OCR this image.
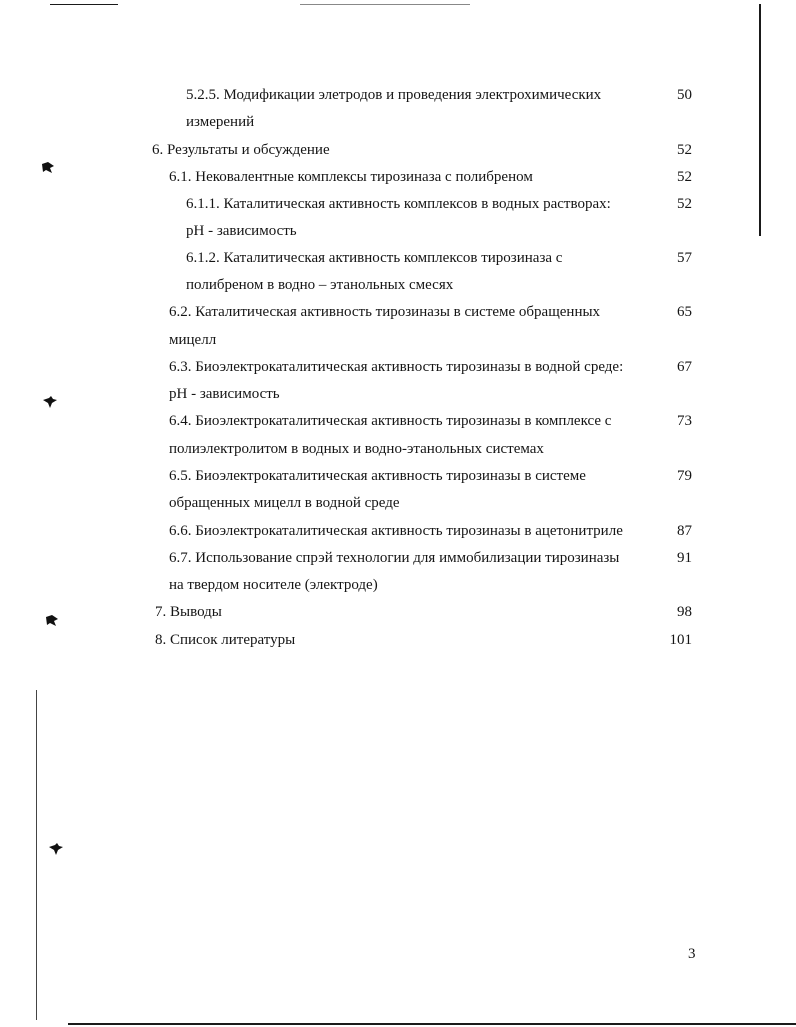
5.2.5. Модификации элетродов и проведения электрохимических
измерений
50
6. Результаты и обсуждение	52
6.1. Нековалентные комплексы тирозиназа с полибреном	52
6.1.1. Каталитическая активность комплексов в водных растворах:
pH - зависимость
52
6.1.2. Каталитическая активность комплексов тирозиназа с
полибреном в водно – этанольных смесях
57
6.2. Каталитическая активность тирозиназы в системе обращенных
мицелл
65
6.3. Биоэлектрокаталитическая активность тирозиназы в водной среде:
pH - зависимость
67
6.4. Биоэлектрокаталитическая активность тирозиназы в комплексе с
полиэлектролитом в водных и водно-этанольных системах
73
6.5. Биоэлектрокаталитическая активность тирозиназы в системе
обращенных мицелл в водной среде
79
6.6. Биоэлектрокаталитическая активность тирозиназы в ацетонитриле	87
6.7. Использование спрэй технологии для иммобилизации тирозиназы
на твердом носителе (электроде)
91
7. Выводы	98
8. Список литературы	101
3
